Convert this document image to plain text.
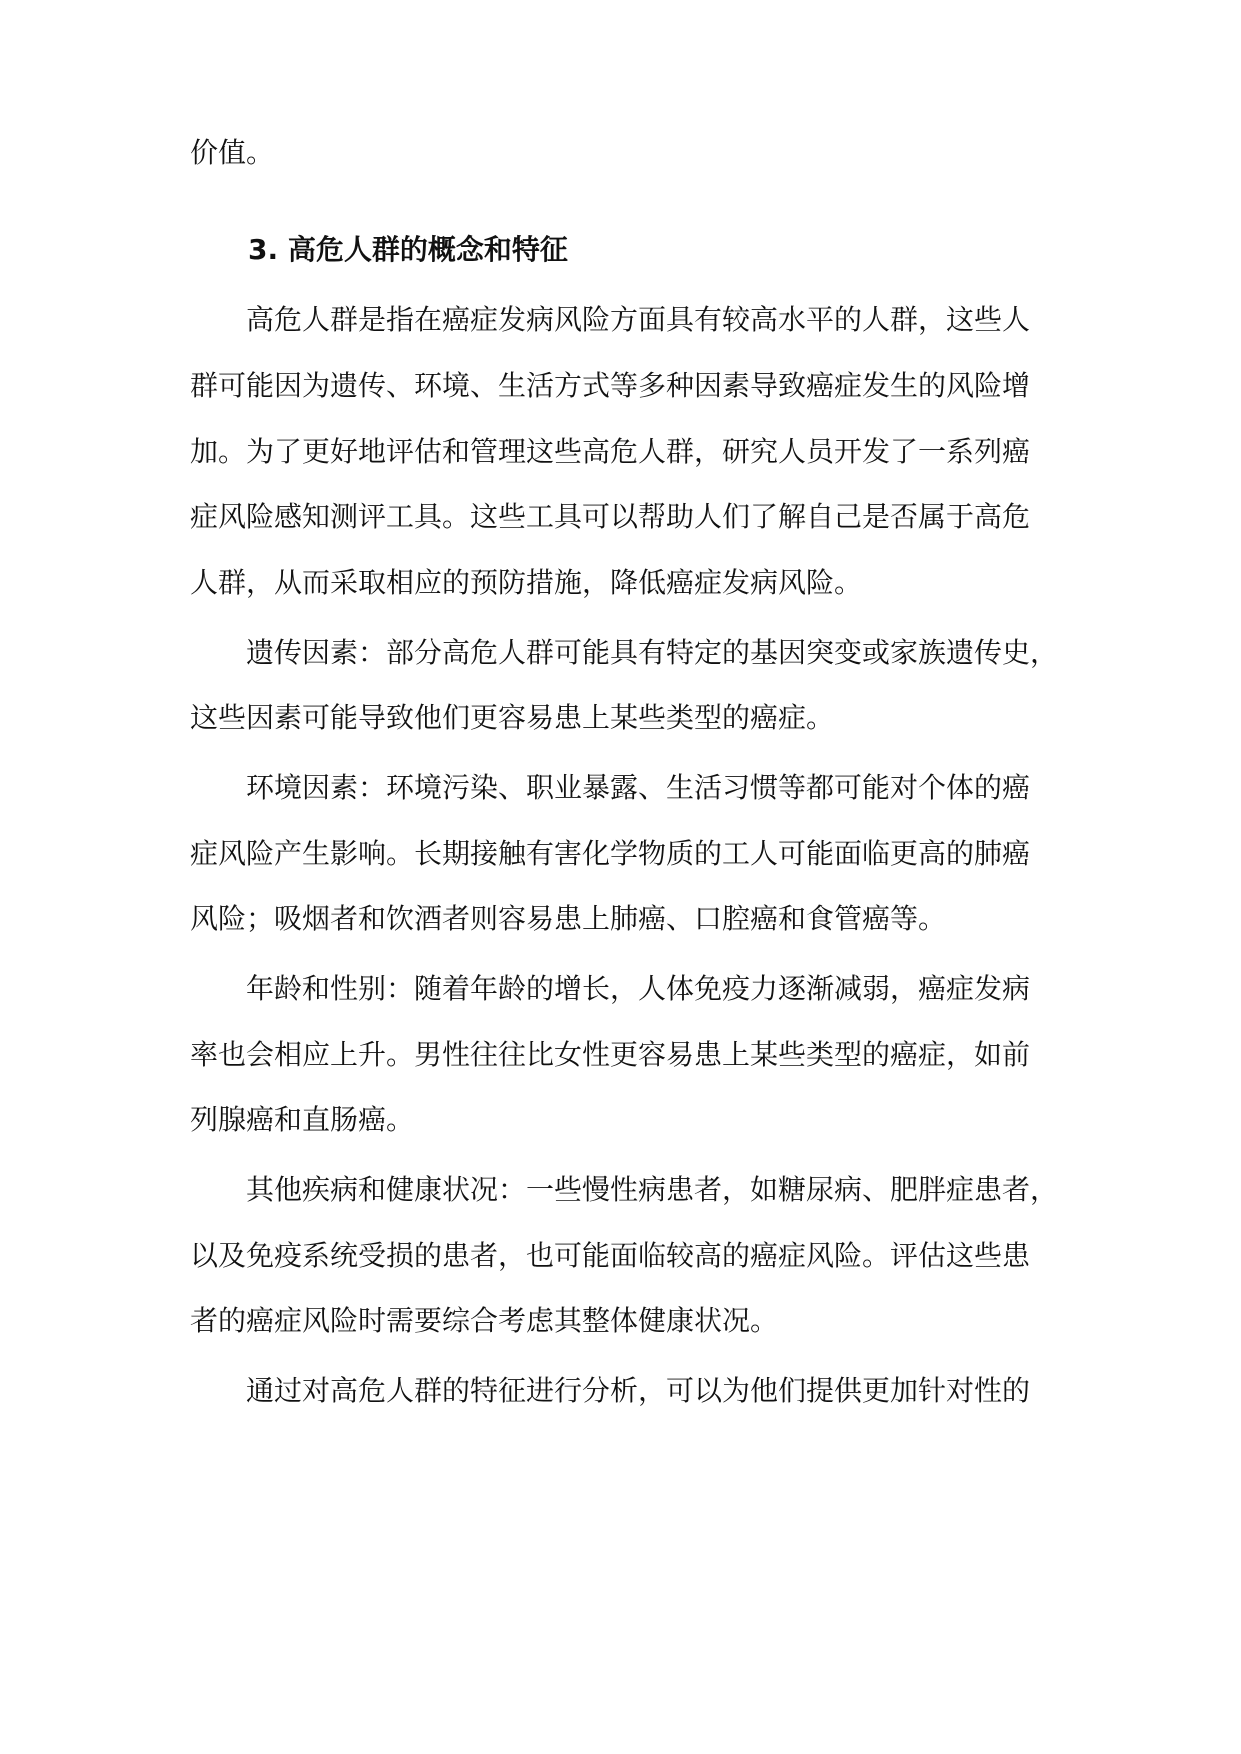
价值。
3. 高危人群的概念和特征
　　高危人群是指在癌症发病风险方面具有较高水平的人群，这些人
群可能因为遗传、环境、生活方式等多种因素导致癌症发生的风险增
加。为了更好地评估和管理这些高危人群，研究人员开发了一系列癌
症风险感知测评工具。这些工具可以帮助人们了解自己是否属于高危
人群，从而采取相应的预防措施，降低癌症发病风险。
　　遗传因素：部分高危人群可能具有特定的基因突变或家族遗传史，
这些因素可能导致他们更容易患上某些类型的癌症。
　　环境因素：环境污染、职业暴露、生活习惯等都可能对个体的癌
症风险产生影响。长期接触有害化学物质的工人可能面临更高的肺癌
风险；吸烟者和饮酒者则容易患上肺癌、口腔癌和食管癌等。
　　年龄和性别：随着年龄的增长，人体免疫力逐渐减弱，癌症发病
率也会相应上升。男性往往比女性更容易患上某些类型的癌症，如前
列腺癌和直肠癌。
　　其他疾病和健康状况：一些慢性病患者，如糖尿病、肥胖症患者，
以及免疫系统受损的患者，也可能面临较高的癌症风险。评估这些患
者的癌症风险时需要综合考虑其整体健康状况。
　　通过对高危人群的特征进行分析，可以为他们提供更加针对性的
